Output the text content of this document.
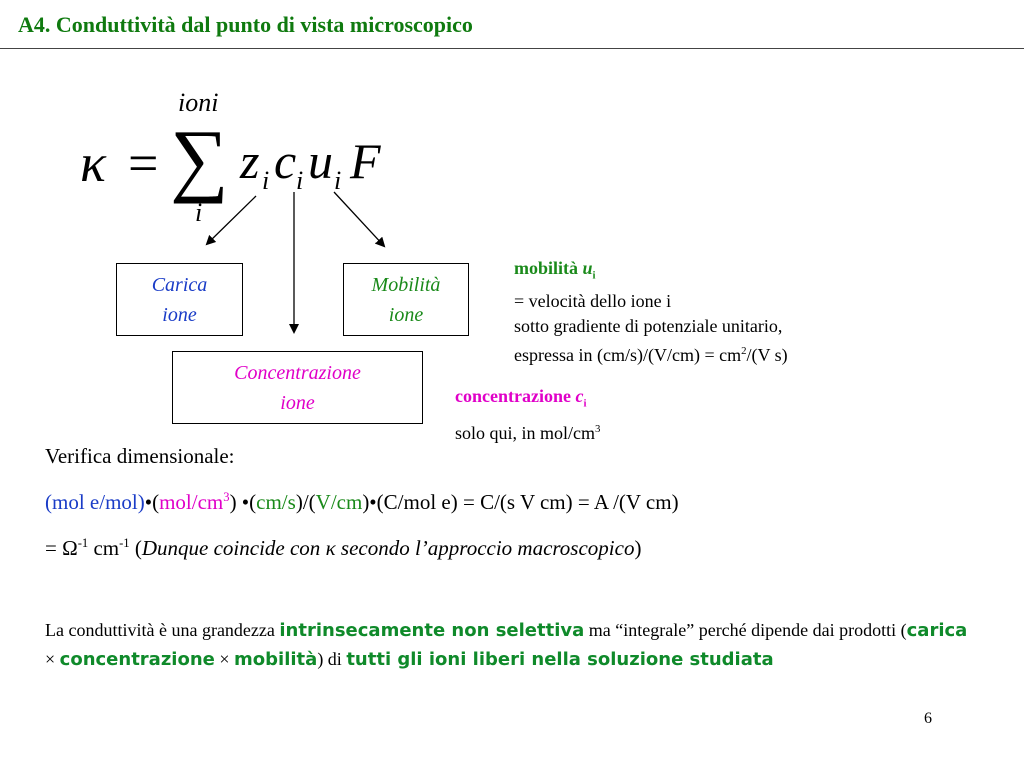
A4. Conduttività dal punto di vista microscopico
κ = ∑
ioni
i
z i c i u i F
Carica
ione
Mobilità
ione
Concentrazione
ione
mobilità $u_i$
= velocità dello ione i
sotto gradiente di potenziale unitario,
espressa in $(cm/s)/(V/cm) = cm^2/(V$ s)
concentrazione $c_i$
solo qui, in mol/$cm^3$
Verifica dimensionale:
(mol $e/mol)•(mol/cm^3)$ •(cm/s)/(V/cm)•(C/mol e) = C/(s V cm) = A /(V cm)
= $\Omega^{-1}$ $cm^{-1}$ (Dunque coincide con κ secondo l’approccio macroscopico)
La conduttività è una grandezza intrinsecamente non selettiva ma “integrale” perché dipende dai prodotti (carica × concentrazione × mobilità) di tutti gli ioni liberi nella soluzione studiata
6
